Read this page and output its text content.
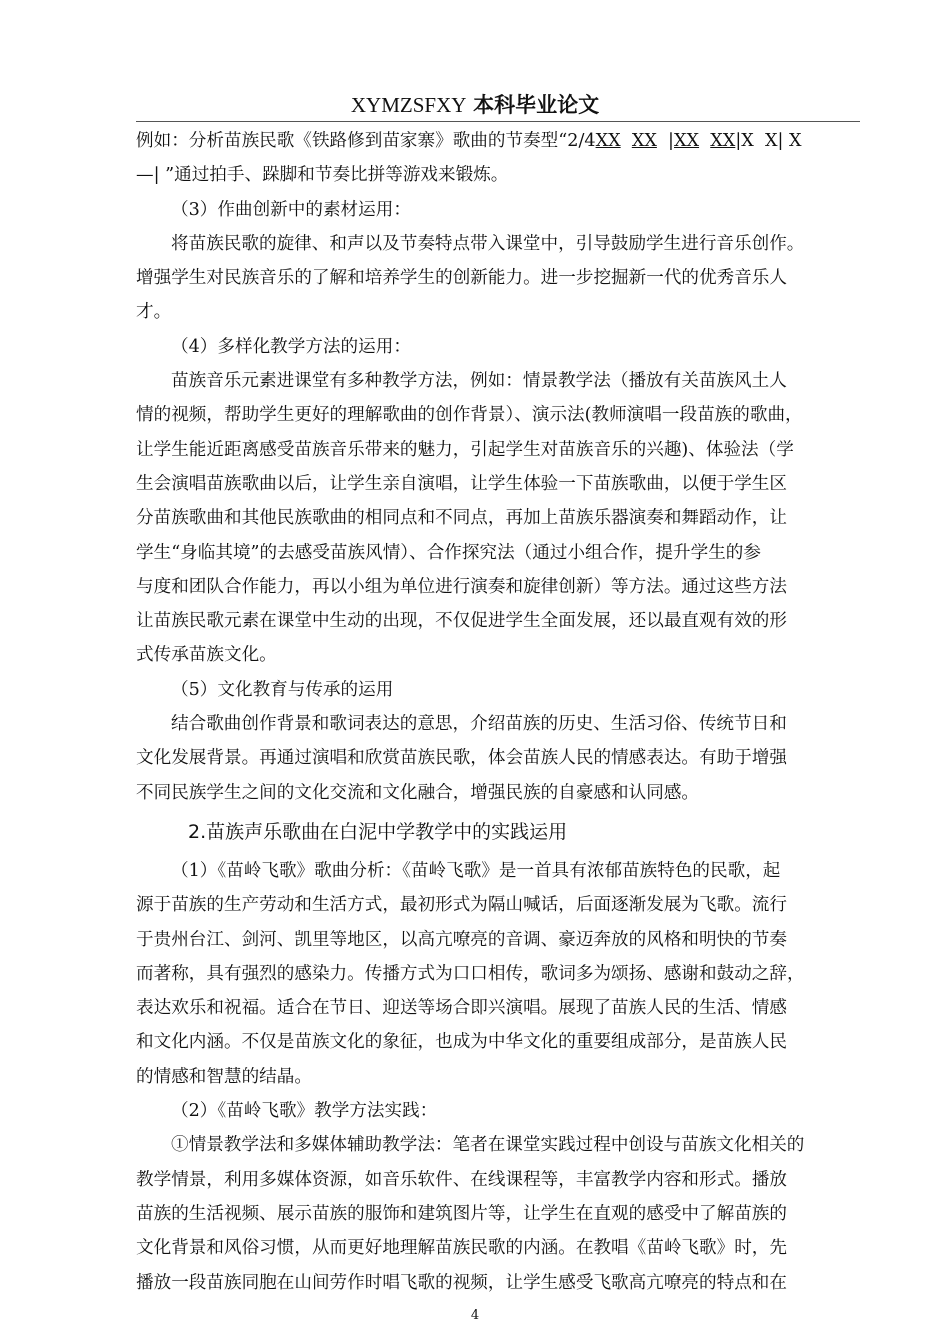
XYMZSFXY 本科毕业论文
例如：分析苗族民歌《铁路修到苗家寨》歌曲的节奏型“2/4XX XX  |XX XX|X  X| X
—| ”通过拍手、跺脚和节奏比拼等游戏来锻炼。
（3）作曲创新中的素材运用：
将苗族民歌的旋律、和声以及节奏特点带入课堂中，引导鼓励学生进行音乐创作。
增强学生对民族音乐的了解和培养学生的创新能力。进一步挖掘新一代的优秀音乐人
才。
（4）多样化教学方法的运用：
苗族音乐元素进课堂有多种教学方法，例如：情景教学法（播放有关苗族风土人
情的视频，帮助学生更好的理解歌曲的创作背景）、演示法(教师演唱一段苗族的歌曲，
让学生能近距离感受苗族音乐带来的魅力，引起学生对苗族音乐的兴趣)、体验法（学
生会演唱苗族歌曲以后，让学生亲自演唱，让学生体验一下苗族歌曲，以便于学生区
分苗族歌曲和其他民族歌曲的相同点和不同点，再加上苗族乐器演奏和舞蹈动作，让
学生“身临其境”的去感受苗族风情）、合作探究法（通过小组合作，提升学生的参
与度和团队合作能力，再以小组为单位进行演奏和旋律创新）等方法。通过这些方法
让苗族民歌元素在课堂中生动的出现，不仅促进学生全面发展，还以最直观有效的形
式传承苗族文化。
（5）文化教育与传承的运用
结合歌曲创作背景和歌词表达的意思，介绍苗族的历史、生活习俗、传统节日和
文化发展背景。再通过演唱和欣赏苗族民歌，体会苗族人民的情感表达。有助于增强
不同民族学生之间的文化交流和文化融合，增强民族的自豪感和认同感。
2.苗族声乐歌曲在白泥中学教学中的实践运用
（1）《苗岭飞歌》歌曲分析：《苗岭飞歌》是一首具有浓郁苗族特色的民歌，起
源于苗族的生产劳动和生活方式，最初形式为隔山喊话，后面逐渐发展为飞歌。流行
于贵州台江、剑河、凯里等地区，以高亢嘹亮的音调、豪迈奔放的风格和明快的节奏
而著称，具有强烈的感染力。传播方式为口口相传，歌词多为颂扬、感谢和鼓动之辞，
表达欢乐和祝福。适合在节日、迎送等场合即兴演唱。展现了苗族人民的生活、情感
和文化内涵。不仅是苗族文化的象征，也成为中华文化的重要组成部分，是苗族人民
的情感和智慧的结晶。
（2）《苗岭飞歌》教学方法实践：
①情景教学法和多媒体辅助教学法：笔者在课堂实践过程中创设与苗族文化相关的
教学情景，利用多媒体资源，如音乐软件、在线课程等，丰富教学内容和形式。播放
苗族的生活视频、展示苗族的服饰和建筑图片等，让学生在直观的感受中了解苗族的
文化背景和风俗习惯，从而更好地理解苗族民歌的内涵。在教唱《苗岭飞歌》时，先
播放一段苗族同胞在山间劳作时唱飞歌的视频，让学生感受飞歌高亢嘹亮的特点和在
4
